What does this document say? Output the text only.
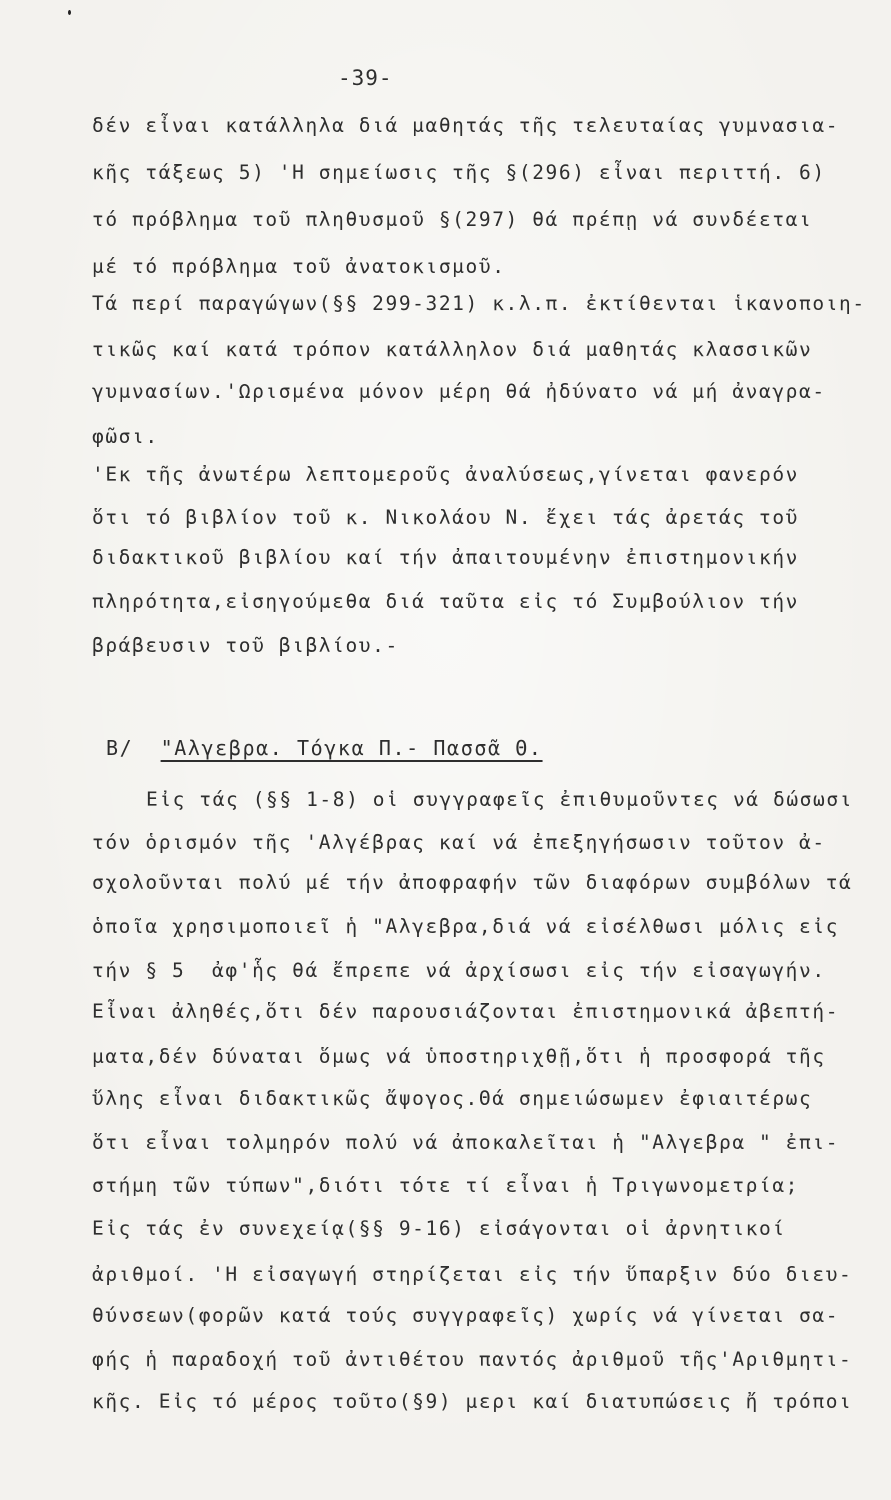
-39-
δέν εἶναι κατάλληλα διά μαθητάς τῆς τελευταίας γυμνασια-
κῆς τάξεως 5) 'Η σημείωσις τῆς §(296) εἶναι περιττή. 6)
τό πρόβλημα τοῦ πληθυσμοῦ §(297) θά πρέπῃ νά συνδέεται
μέ τό πρόβλημα τοῦ ἀνατοκισμοῦ.
Τά περί παραγώγων(§§ 299-321) κ.λ.π. ἐκτίθενται ἱκανοποιη-
τικῶς καί κατά τρόπον κατάλληλον διά μαθητάς κλασσικῶν
γυμνασίων.'Ωρισμένα μόνον μέρη θά ἠδύνατο νά μή ἀναγρα-
φῶσι.
'Εκ τῆς ἀνωτέρω λεπτομεροῦς ἀναλύσεως,γίνεται φανερόν
ὅτι τό βιβλίον τοῦ κ. Νικολάου Ν. ἔχει τάς ἀρετάς τοῦ
διδακτικοῦ βιβλίου καί τήν ἀπαιτουμένην ἐπιστημονικήν
πληρότητα,εἰσηγούμεθα διά ταῦτα εἰς τό Συμβούλιον τήν
βράβευσιν τοῦ βιβλίου.-
Β/ "Αλγεβρα. Τόγκα Π.- Πασσᾶ Θ.
Εἰς τάς (§§ 1-8) οἱ συγγραφεῖς ἐπιθυμοῦντες νά δώσωσι
τόν ὁρισμόν τῆς 'Αλγέβρας καί νά ἐπεξηγήσωσιν τοῦτον ἀ-
σχολοῦνται πολύ μέ τήν ἀποφραφήν τῶν διαφόρων συμβόλων τά
ὁποῖα χρησιμοποιεῖ ἡ "Αλγεβρα,διά νά εἰσέλθωσι μόλις εἰς
τήν § 5  ἀφ'ἧς θά ἔπρεπε νά ἀρχίσωσι εἰς τήν εἰσαγωγήν.
Εἶναι ἀληθές,ὅτι δέν παρουσιάζονται ἐπιστημονικά ἀβεπτή-
ματα,δέν δύναται ὅμως νά ὑποστηριχθῇ,ὅτι ἡ προσφορά τῆς
ὕλης εἶναι διδακτικῶς ἄψογος.Θά σημειώσωμεν ἐφιαιτέρως
ὅτι εἶναι τολμηρόν πολύ νά ἀποκαλεῖται ἡ "Αλγεβρα " ἐπι-
στήμη τῶν τύπων",διότι τότε τί εἶναι ἡ Τριγωνομετρία;
Εἰς τάς ἐν συνεχείᾳ(§§ 9-16) εἰσάγονται οἱ ἀρνητικοί
ἀριθμοί. 'Η εἰσαγωγή στηρίζεται εἰς τήν ὕπαρξιν δύο διευ-
θύνσεων(φορῶν κατά τούς συγγραφεῖς) χωρίς νά γίνεται σα-
φής ἡ παραδοχή τοῦ ἀντιθέτου παντός ἀριθμοῦ τῆς'Αριθμητι-
κῆς. Εἰς τό μέρος τοῦτο(§9) μερι καί διατυπώσεις ἤ τρόποι
